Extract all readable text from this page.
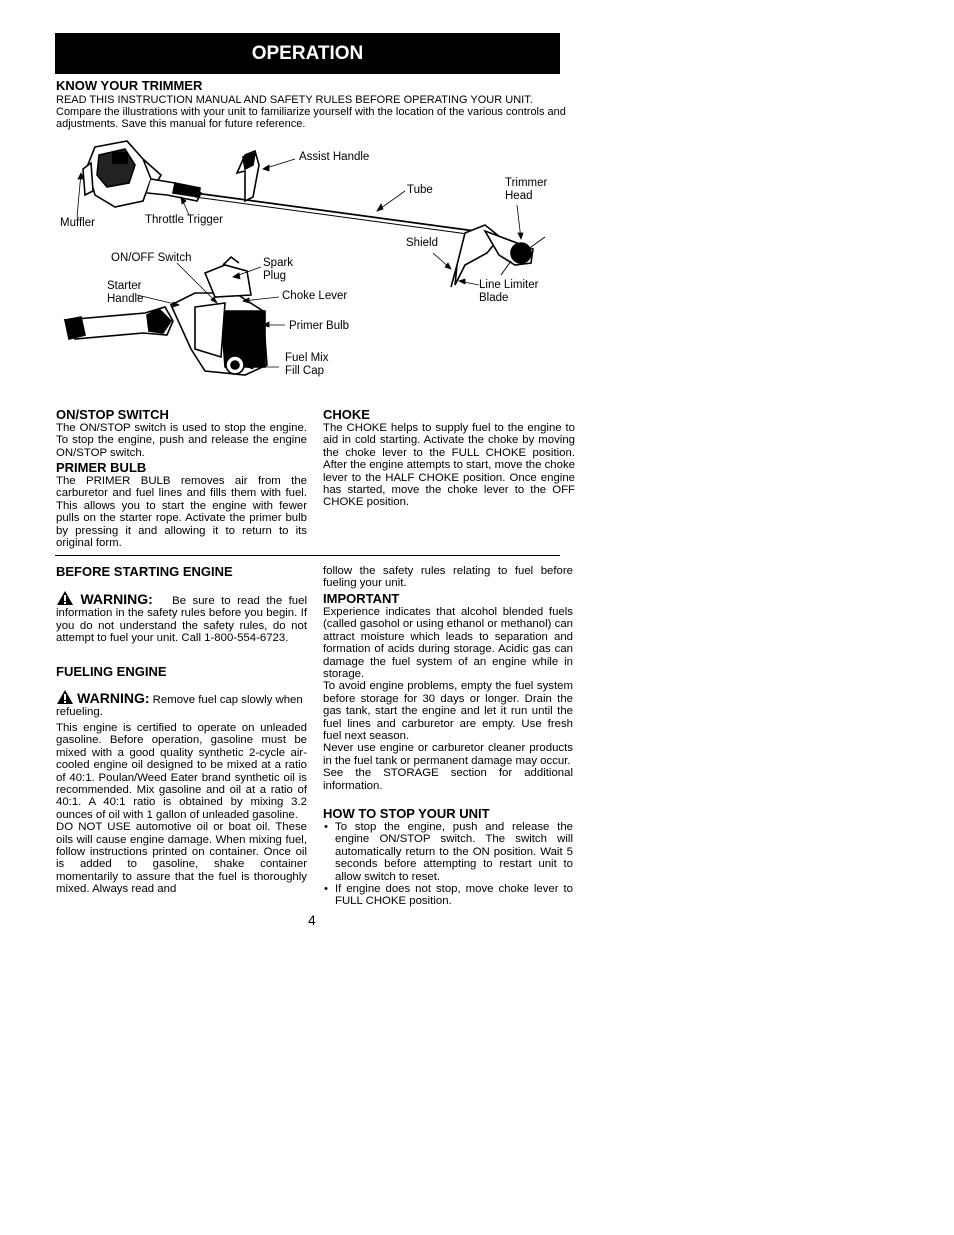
OPERATION
KNOW YOUR TRIMMER
READ THIS INSTRUCTION MANUAL AND SAFETY RULES BEFORE OPERATING YOUR UNIT.
Compare the illustrations with your unit to familiarize yourself with the location of the various controls and adjustments. Save this manual for future reference.
Assist Handle
Tube
Trimmer
Head
Muffler	Throttle Trigger
Shield
ON/OFF Switch	Spark
Plug
Starter
Handle	Choke Lever
Line Limiter
Blade
Primer Bulb
Fuel Mix
Fill Cap
ON/STOP SWITCH
The ON/STOP switch is used to stop the engine. To stop the engine, push and release the engine ON/STOP switch.
PRIMER BULB
The PRIMER BULB removes air from the carburetor and fuel lines and fills them with fuel. This allows you to start the engine with fewer pulls on the starter rope. Activate the primer bulb by pressing it and allowing it to return to its original form.
CHOKE
The CHOKE helps to supply fuel to the engine to aid in cold starting. Activate the choke by moving the choke lever to the FULL CHOKE position. After the engine attempts to start, move the choke lever to the HALF CHOKE position. Once engine has started, move the choke lever to the OFF CHOKE position.
BEFORE STARTING ENGINE
WARNING: Be sure to read the fuel information in the safety rules before you begin. If you do not understand the safety rules, do not attempt to fuel your unit. Call 1-800-554-6723.
FUELING ENGINE
WARNING: Remove fuel cap slowly when refueling.

This engine is certified to operate on unleaded gasoline. Before operation, gasoline must be mixed with a good quality synthetic 2-cycle air-cooled engine oil designed to be mixed at a ratio of 40:1. Poulan/Weed Eater brand synthetic oil is recommended. Mix gasoline and oil at a ratio of 40:1. A 40:1 ratio is obtained by mixing 3.2 ounces of oil with 1 gallon of unleaded gasoline.

DO NOT USE automotive oil or boat oil. These oils will cause engine damage. When mixing fuel, follow instructions printed on container. Once oil is added to gasoline, shake container momentarily to assure that the fuel is thoroughly mixed. Always read and

follow the safety rules relating to fuel before fueling your unit.
IMPORTANT

Experience indicates that alcohol blended fuels (called gasohol or using ethanol or methanol) can attract moisture which leads to separation and formation of acids during storage. Acidic gas can damage the fuel system of an engine while in storage.

To avoid engine problems, empty the fuel system before storage for 30 days or longer. Drain the gas tank, start the engine and let it run until the fuel lines and carburetor are empty. Use fresh fuel next season.

Never use engine or carburetor cleaner products in the fuel tank or permanent damage may occur.

See the STORAGE section for additional information.

HOW TO STOP YOUR UNIT
• To stop the engine, push and release the engine ON/STOP switch. The switch will automatically return to the ON position. Wait 5 seconds before attempting to restart unit to allow switch to reset.
• If engine does not stop, move choke lever to FULL CHOKE position.
4
